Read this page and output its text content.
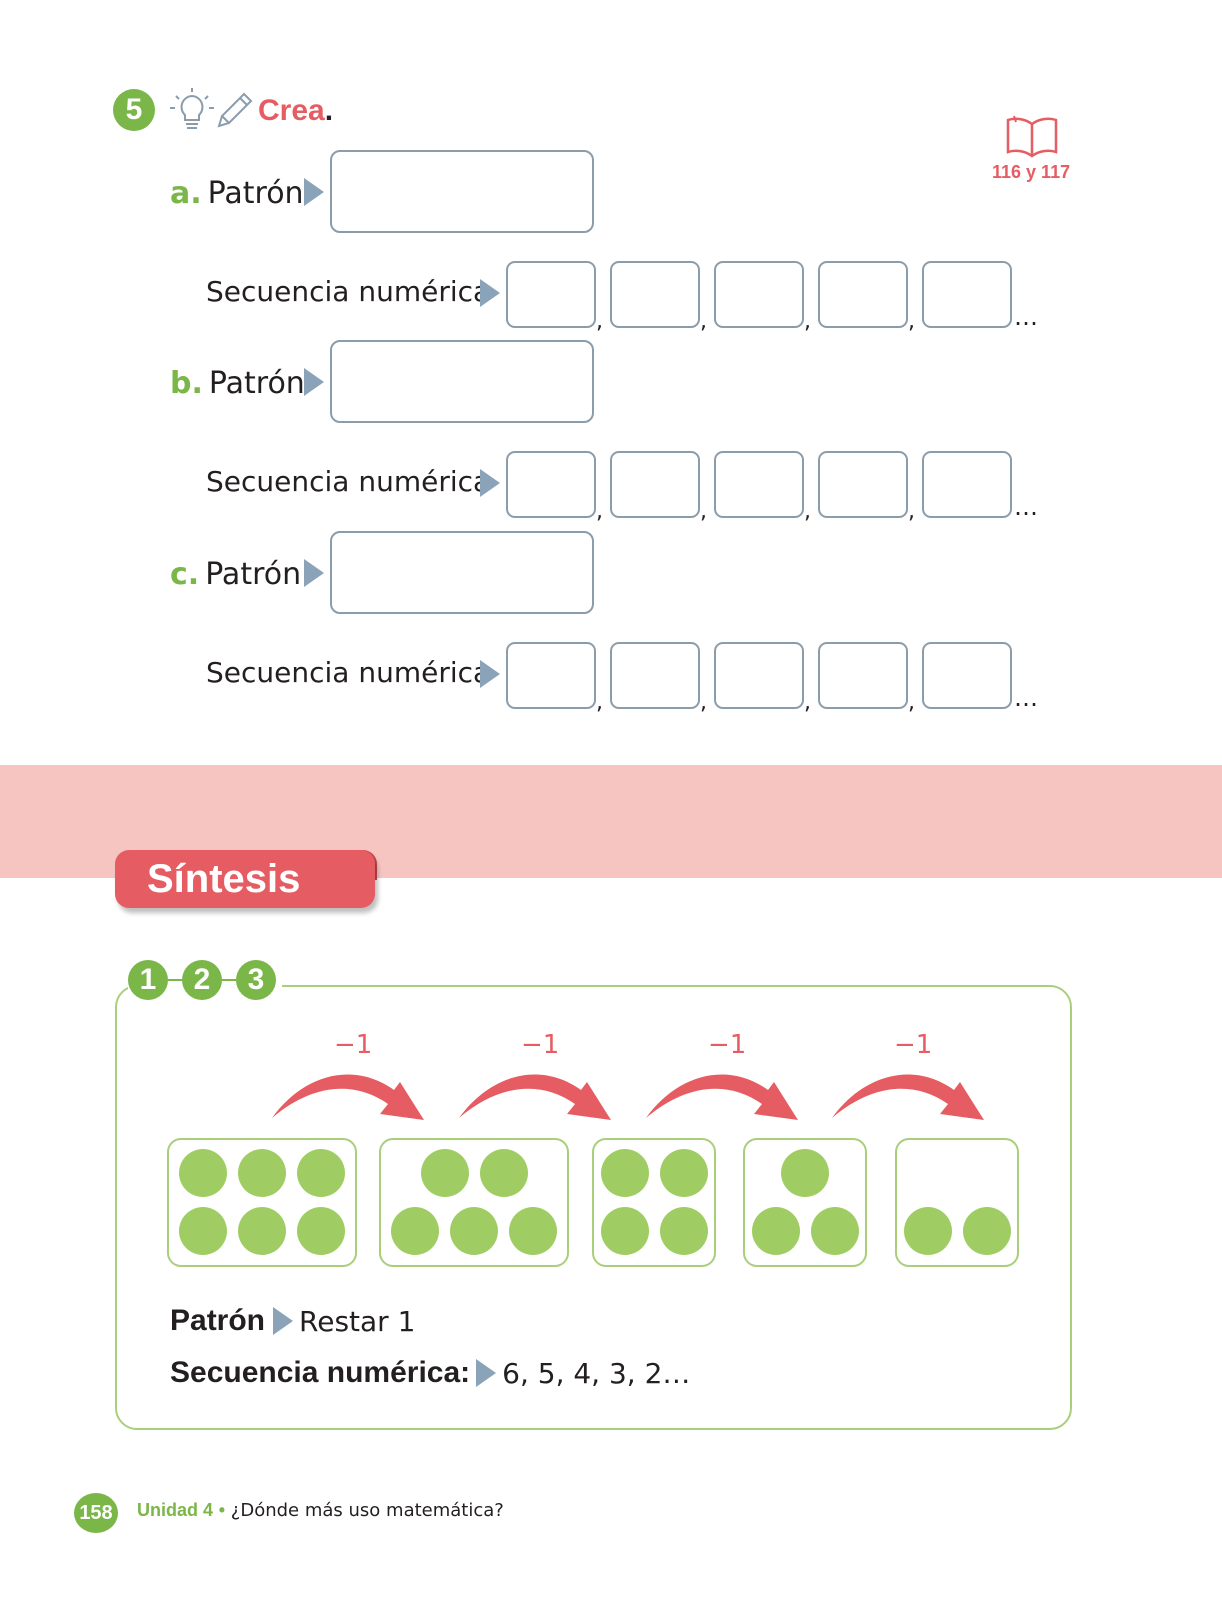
5	Crea.
116 y 117
a. Patrón
Secuencia numérica
,	,	,	,	…
b. Patrón
Secuencia numérica
,	,	,	,	…
c. Patrón
Secuencia numérica
,	,	,	,	…
Síntesis
1	2	3
−1	−1	−1	−1
Patrón Restar 1
Secuencia numérica: 6, 5, 4, 3, 2…
158 Unidad 4 • ¿Dónde más uso matemática?
